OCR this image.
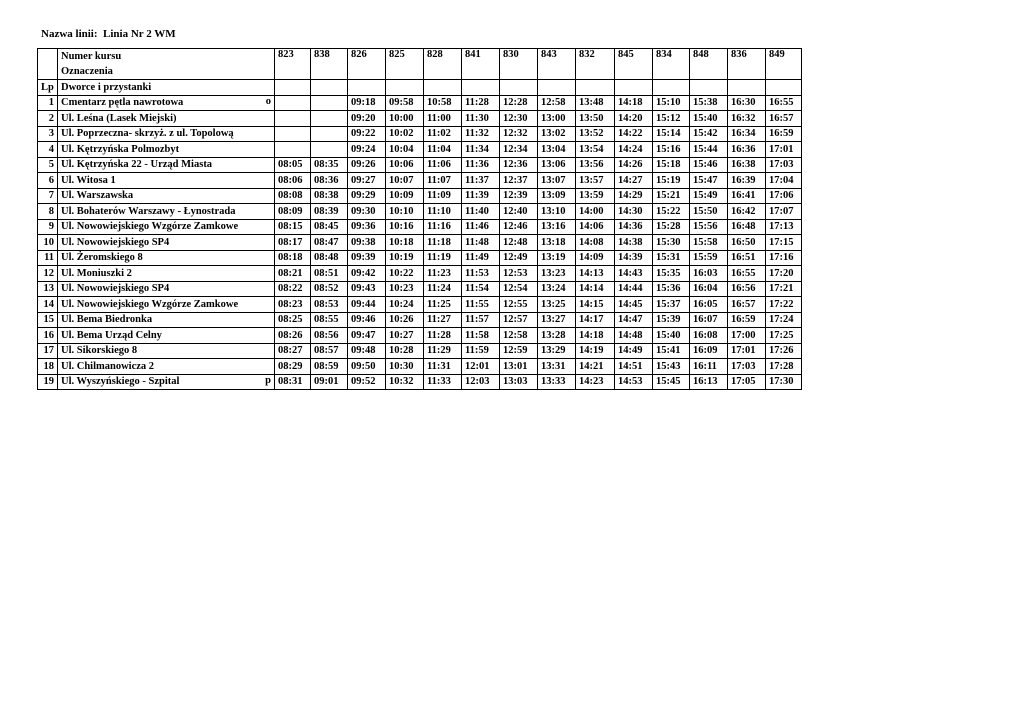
Nazwa linii: Linia Nr 2 WM

	Numer kursu
Oznaczenia	823	838	826	825	828	841	830	843	832	845	834	848	836	849
Lp	Dworce i przystanki														
1	Cmentarz pętla nawrotowa o			09:18	09:58	10:58	11:28	12:28	12:58	13:48	14:18	15:10	15:38	16:30	16:55
2	Ul. Leśna (Lasek Miejski)			09:20	10:00	11:00	11:30	12:30	13:00	13:50	14:20	15:12	15:40	16:32	16:57
3	Ul. Poprzeczna- skrzyż. z ul. Topolową			09:22	10:02	11:02	11:32	12:32	13:02	13:52	14:22	15:14	15:42	16:34	16:59
4	Ul. Kętrzyńska Polmozbyt			09:24	10:04	11:04	11:34	12:34	13:04	13:54	14:24	15:16	15:44	16:36	17:01
5	Ul. Kętrzyńska 22 - Urząd Miasta	08:05	08:35	09:26	10:06	11:06	11:36	12:36	13:06	13:56	14:26	15:18	15:46	16:38	17:03
6	Ul. Witosa 1	08:06	08:36	09:27	10:07	11:07	11:37	12:37	13:07	13:57	14:27	15:19	15:47	16:39	17:04
7	Ul. Warszawska	08:08	08:38	09:29	10:09	11:09	11:39	12:39	13:09	13:59	14:29	15:21	15:49	16:41	17:06
8	Ul. Bohaterów Warszawy - Łynostrada	08:09	08:39	09:30	10:10	11:10	11:40	12:40	13:10	14:00	14:30	15:22	15:50	16:42	17:07
9	Ul. Nowowiejskiego Wzgórze Zamkowe	08:15	08:45	09:36	10:16	11:16	11:46	12:46	13:16	14:06	14:36	15:28	15:56	16:48	17:13
10	Ul. Nowowiejskiego SP4	08:17	08:47	09:38	10:18	11:18	11:48	12:48	13:18	14:08	14:38	15:30	15:58	16:50	17:15
11	Ul. Żeromskiego 8	08:18	08:48	09:39	10:19	11:19	11:49	12:49	13:19	14:09	14:39	15:31	15:59	16:51	17:16
12	Ul. Moniuszki 2	08:21	08:51	09:42	10:22	11:23	11:53	12:53	13:23	14:13	14:43	15:35	16:03	16:55	17:20
13	Ul. Nowowiejskiego SP4	08:22	08:52	09:43	10:23	11:24	11:54	12:54	13:24	14:14	14:44	15:36	16:04	16:56	17:21
14	Ul. Nowowiejskiego Wzgórze Zamkowe	08:23	08:53	09:44	10:24	11:25	11:55	12:55	13:25	14:15	14:45	15:37	16:05	16:57	17:22
15	Ul. Bema Biedronka	08:25	08:55	09:46	10:26	11:27	11:57	12:57	13:27	14:17	14:47	15:39	16:07	16:59	17:24
16	Ul. Bema Urząd Celny	08:26	08:56	09:47	10:27	11:28	11:58	12:58	13:28	14:18	14:48	15:40	16:08	17:00	17:25
17	Ul. Sikorskiego 8	08:27	08:57	09:48	10:28	11:29	11:59	12:59	13:29	14:19	14:49	15:41	16:09	17:01	17:26
18	Ul. Chilmanowicza 2	08:29	08:59	09:50	10:30	11:31	12:01	13:01	13:31	14:21	14:51	15:43	16:11	17:03	17:28
19	Ul. Wyszyńskiego - Szpital p	08:31	09:01	09:52	10:32	11:33	12:03	13:03	13:33	14:23	14:53	15:45	16:13	17:05	17:30
